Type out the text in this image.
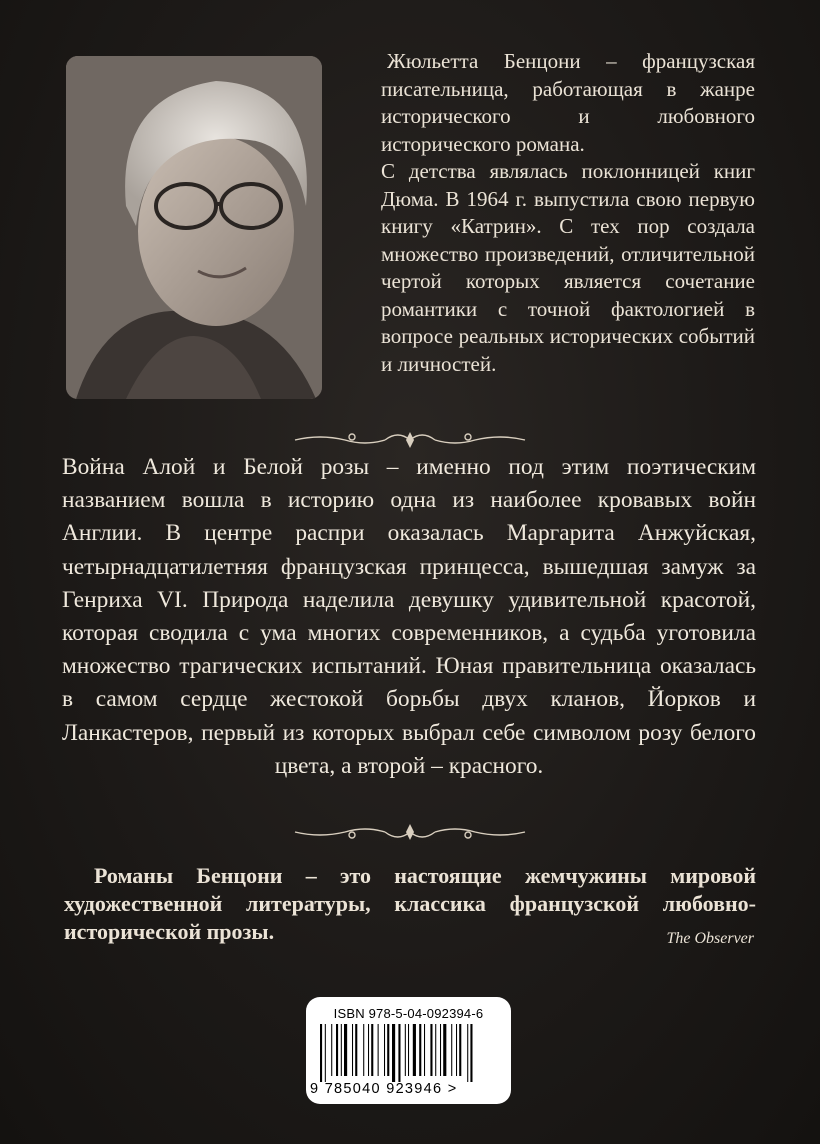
Жюльетта Бенцони – французская писательница, работающая в жанре исторического и любовного исторического романа.

С детства являлась поклонницей книг Дюма. В 1964 г. выпустила свою первую книгу «Катрин». С тех пор создала множество произведений, отличительной чертой которых является сочетание романтики с точной фактологией в вопросе реальных исторических событий и личностей.

Война Алой и Белой розы – именно под этим поэтическим названием вошла в историю одна из наиболее кровавых войн Англии. В центре распри оказалась Маргарита Анжуйская, четырнадцатилетняя французская принцесса, вышедшая замуж за Генриха VI. Природа наделила девушку удивительной красотой, которая сводила с ума многих современников, а судьба уготовила множество трагических испытаний. Юная правительница оказалась в самом сердце жестокой борьбы двух кланов, Йорков и Ланкастеров, первый из которых выбрал себе символом розу белого цвета, а второй – красного.

Романы Бенцони – это настоящие жемчужины мировой художественной литературы, классика французской любовно-исторической прозы.	The Observer
ISBN 978-5-04-092394-6
9 785040 923946 >
